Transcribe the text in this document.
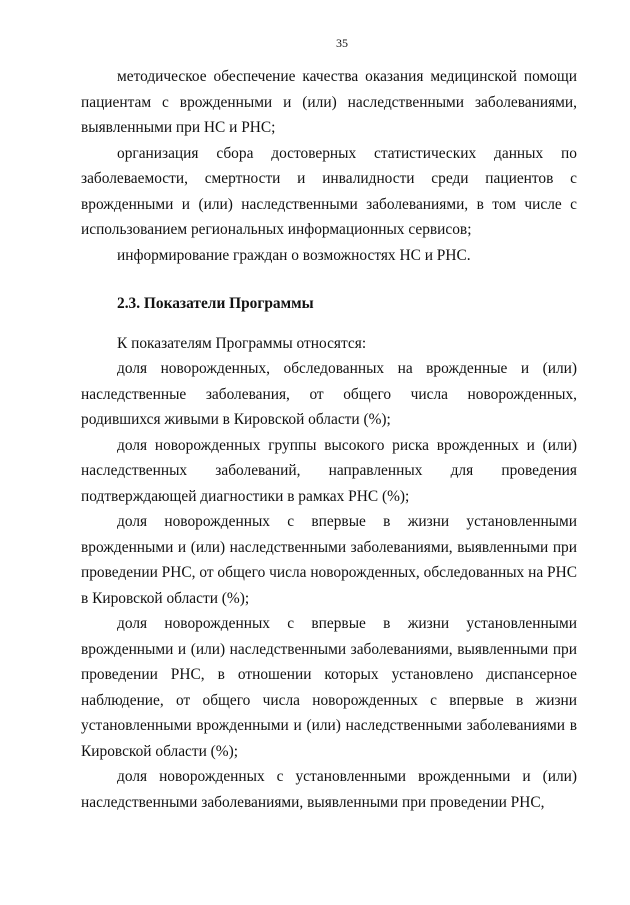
35

методическое обеспечение качества оказания медицинской помощи пациентам с врожденными и (или) наследственными заболеваниями, выявленными при НС и РНС;

организация сбора достоверных статистических данных по заболеваемости, смертности и инвалидности среди пациентов с врожденными и (или) наследственными заболеваниями, в том числе с использованием региональных информационных сервисов;

информирование граждан о возможностях НС и РНС.

2.3. Показатели Программы

К показателям Программы относятся:

доля новорожденных, обследованных на врожденные и (или) наследственные заболевания, от общего числа новорожденных, родившихся живыми в Кировской области (%);

доля новорожденных группы высокого риска врожденных и (или) наследственных заболеваний, направленных для проведения подтверждающей диагностики в рамках РНС (%);

доля новорожденных с впервые в жизни установленными врожденными и (или) наследственными заболеваниями, выявленными при проведении РНС, от общего числа новорожденных, обследованных на РНС в Кировской области (%);

доля новорожденных с впервые в жизни установленными врожденными и (или) наследственными заболеваниями, выявленными при проведении РНС, в отношении которых установлено диспансерное наблюдение, от общего числа новорожденных с впервые в жизни установленными врожденными и (или) наследственными заболеваниями в Кировской области (%);

доля новорожденных с установленными врожденными и (или) наследственными заболеваниями, выявленными при проведении РНС,
